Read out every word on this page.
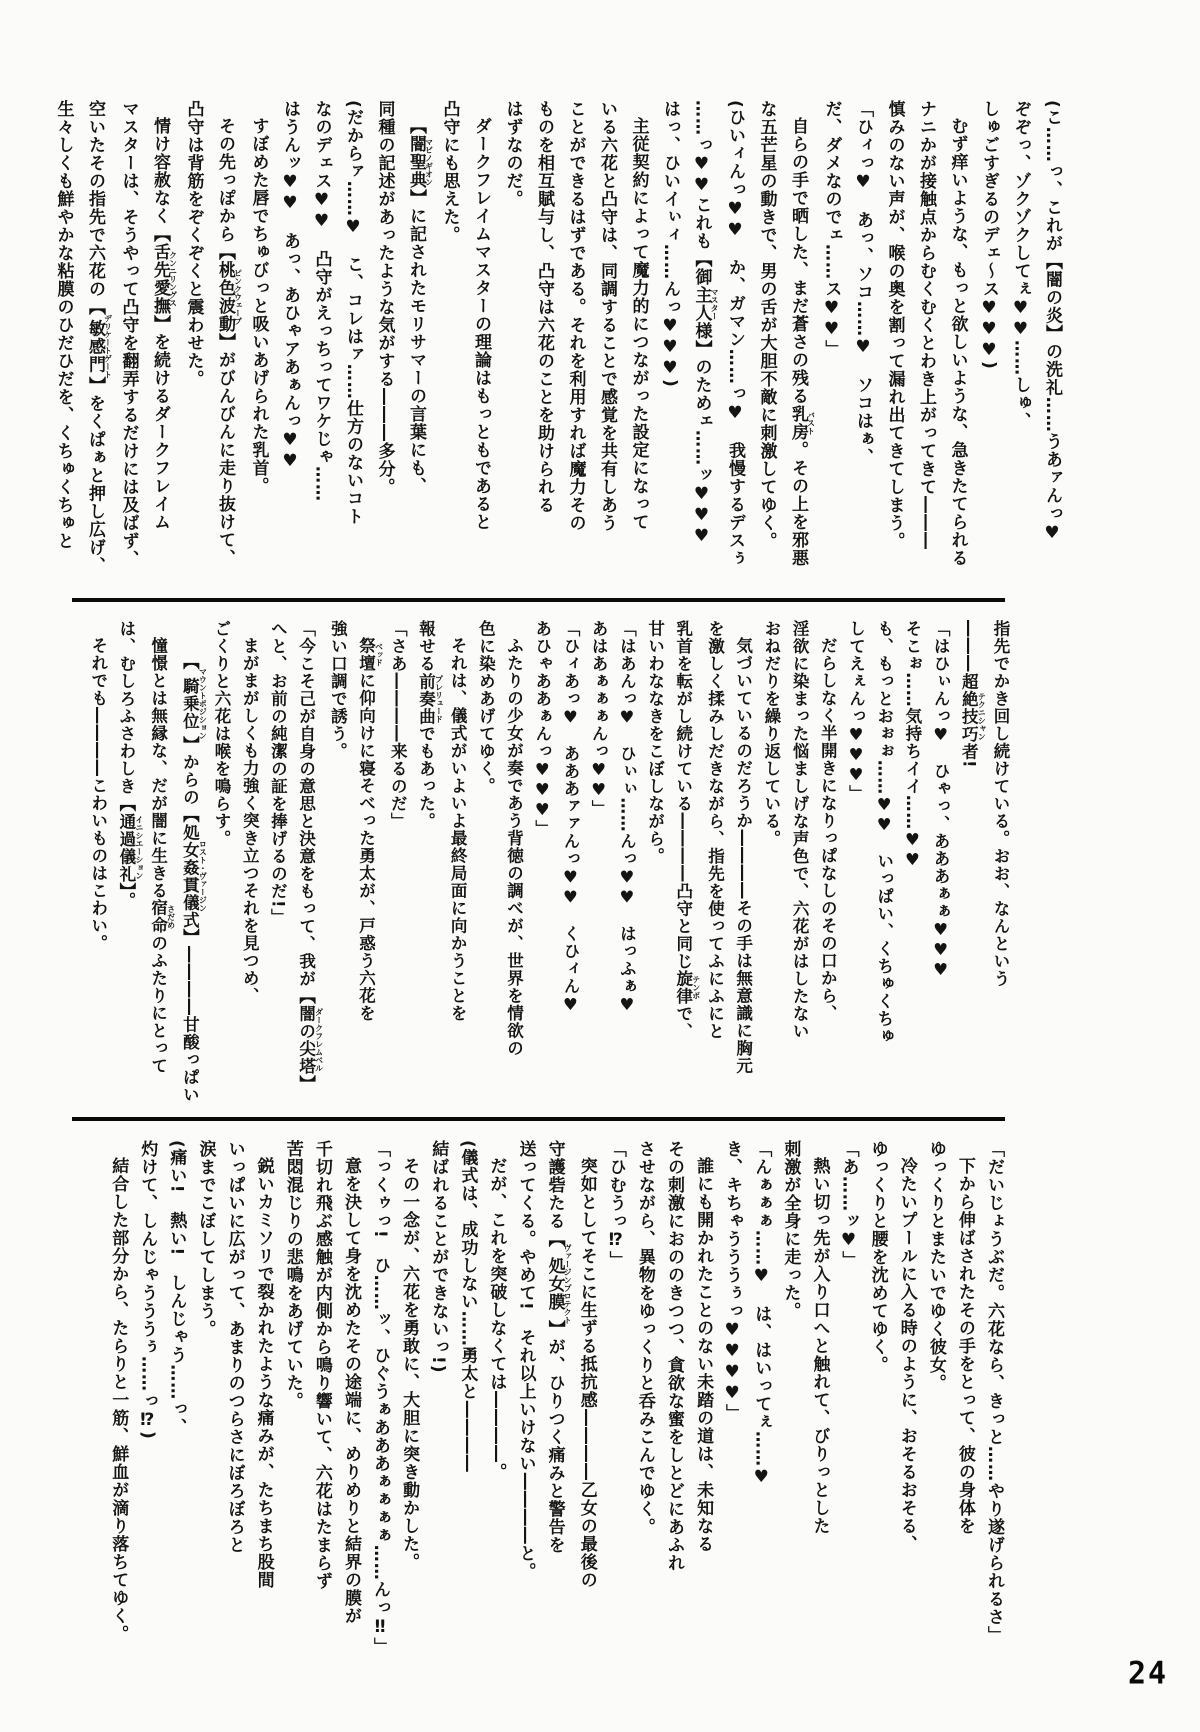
(こ……っ、これが【闇の炎】の洗礼……うあァんっ♥

ぞぞっ、ゾクゾクしてぇ♥♥……しゅ、

しゅごすぎるのデェ〜ス♥♥♥)

むず痒いような、もっと欲しいような、急きたてられる

ナニかが接触点からむくむくとわき上がってきて―――

慎みのない声が、喉の奥を割って漏れ出てきてしまう。

「ひィっ♥　あっ、ソコ……♥　ソコはぁ、

だ、ダメなのでェ……ス♥♥」

自らの手で晒した、まだ蒼さの残る乳房バスト。その上を邪悪

な五芒星の動きで、男の舌が大胆不敵に刺激してゆく。

(ひいィんっ♥♥　か、ガマン……っ♥　我慢するデスぅ

……っ♥♥これも【御主人様マスター】のためェ……ッ♥♥♥

はっ、ひいイぃィ……んっ♥♥♥)

主従契約によって魔力的につながった設定になって

いる六花と凸守は、同調することで感覚を共有しあう

ことができるはずである。それを利用すれば魔力その

ものを相互賦与し、凸守は六花のことを助けられる

はずなのだ。

ダークフレイムマスターの理論はもっともであると

凸守にも思えた。

【闇聖典マビノギオン】に記されたモリサマーの言葉にも、

同種の記述があったような気がする―――多分。

(だからァ……♥　こ、コレはァ……仕方のないコト

なのデェス♥♥　凸守がえっちってワケじゃ……

はうんッ♥♥　あっ、あひゃアあぁんっ♥♥

すぼめた唇でちゅびっと吸いあげられた乳首。

その先っぽから【桃色波動ピンクウェーブ】がびんびんに走り抜けて、

凸守は背筋をぞくぞくと震わせた。

情け容赦なく【舌先愛撫クンニリングス】を続けるダークフレイム

マスターは、そうやって凸守を翻弄するだけには及ばず、

空いたその指先で六花の【敏感門デリケートゲート】をくぱぁと押し広げ、

生々しくも鮮やかな粘膜のひだひだを、くちゅくちゅと

指先でかき回し続けている。おお、なんという

―――超絶技巧者 テクニシャン!

「はひぃんっ♥　ひゃっ、あああぁぁ♥♥♥

そこぉ……気持ちイイ……♥♥

も、もっとおぉぉ……♥♥　いっぱい、くちゅくちゅ

してえぇんっ♥♥♥」

だらしなく半開きになりっぱなしのその口から、

淫欲に染まった悩ましげな声色で、六花がはしたない

おねだりを繰り返している。

気づいているのだろうか――――その手は無意識に胸元

を激しく揉みしだきながら、指先を使ってふにふにと

乳首を転がし続けている――――凸守と同じ旋律 テンポで、

甘いわななきをこぼしながら。

「はあんっ♥　ひぃぃ……んっ♥♥　はっふぁ♥

あはあぁぁぁんっ♥♥」

「ひィあっ♥　あああァァんっ♥♥　くひィん♥

あひゃああぁんっ♥♥♥」

ふたりの少女が奏であう背徳の調べが、世界を情欲の

色に染めあげてゆく。

それは、儀式がいよいよ最終局面に向かうことを

報せる前奏曲 プレリュードでもあった。

「さあ――――来るのだ」

祭壇 ベッドに仰向けに寝そべった勇太が、戸惑う六花を

強い口調で誘う。

「今こそ己が自身の意思と決意をもって、我が【闇の尖塔 ダークフレムベル】

へと、お前の純潔の証を捧げるのだ!」

まがまがしくも力強く突き立つそれを見つめ、

ごくりと六花は喉を鳴らす。

【騎乗位 マウントポジション】からの【処女姦貫儀式 ロスト・ヴァージン】――――甘酸っぱい

憧憬とは無縁な、だが闇に生きる宿命 さだめのふたりにとって

は、むしろふさわしき【通過儀礼 イニシエーション】。

それでも――――こわいものはこわい。

「だいじょうぶだ。六花なら、きっと……やり遂げられるさ」

下から伸ばされたその手をとって、彼の身体を

ゆっくりとまたいでゆく彼女。

冷たいプールに入る時のように、おそるおそる、

ゆっくりと腰を沈めてゆく。

「あ……ッ♥」

熱い切っ先が入り口へと触れて、びりっとした

刺激が全身に走った。

「んぁぁぁ……♥　は、はいってぇ……♥

き、キちゃうううぅっ♥♥♥♥」

誰にも開かれたことのない未踏の道は、未知なる

その刺激におののきつつ、貪欲な蜜をしとどにあふれ

させながら、異物をゆっくりと呑みこんでゆく。

「ひむうっ⁉」

突如としてそこに生ずる抵抗感――――乙女の最後の

守護砦たる【処女膜ヴァージンプロテクト】が、ひりつく痛みと警告を

送ってくる。やめて!　それ以上いけない――――と。

だが、これを突破しなくては――――。

(儀式は、成功しない……勇太と――――

結ばれることができないっ!)

その一念が、六花を勇敢に、大胆に突き動かした。

「っくゥっ!　ひ……ッ、ひぐうぁあああぁぁぁぁ……んっ‼」

意を決して身を沈めたその途端に、めりめりと結界の膜が

千切れ飛ぶ感触が内側から鳴り響いて、六花はたまらず

苦悶混じりの悲鳴をあげていた。

鋭いカミソリで裂かれたような痛みが、たちまち股間

いっぱいに広がって、あまりのつらさにぼろぼろと

涙までこぼしてしまう。

(痛い!　熱い!　しんじゃう……っ、

灼けて、しんじゃうううぅ……っ⁉)

結合した部分から、たらりと一筋、鮮血が滴り落ちてゆく。

24
